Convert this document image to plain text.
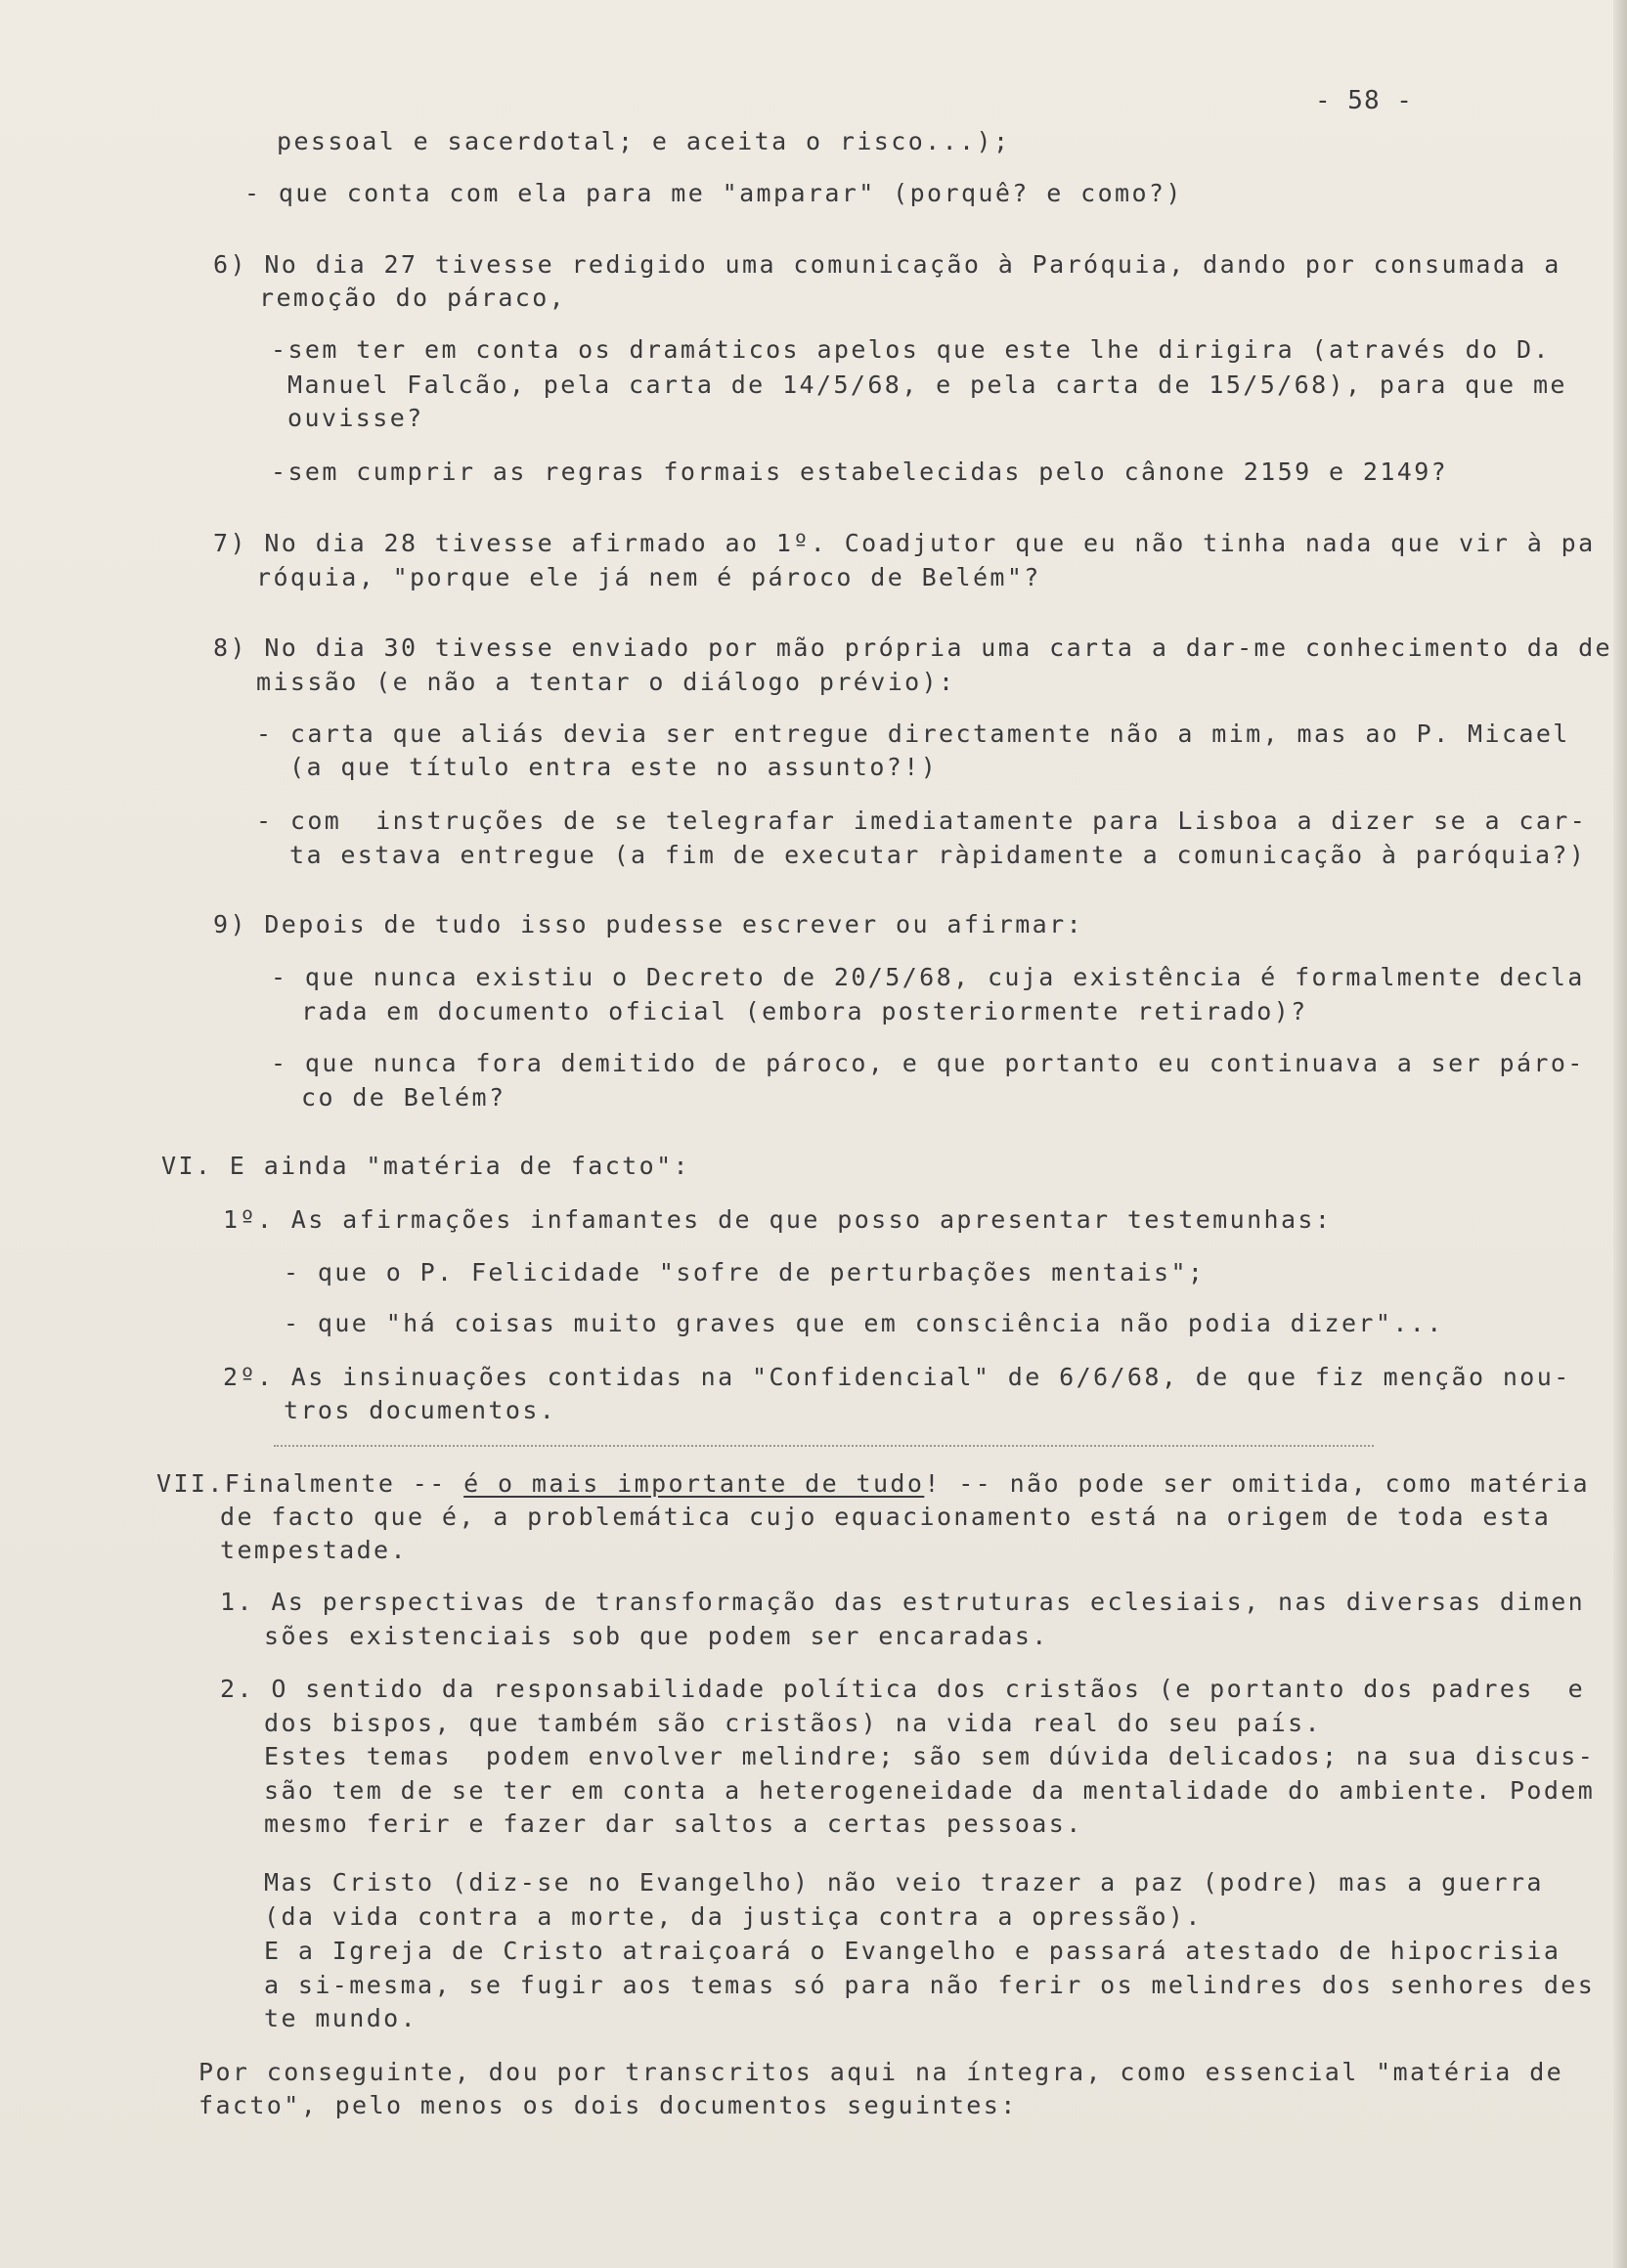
- 58 -
pessoal e sacerdotal; e aceita o risco...);
- que conta com ela para me "amparar" (porquê? e como?)
6) No dia 27 tivesse redigido uma comunicação à Paróquia, dando por consumada a
remoção do páraco,
-sem ter em conta os dramáticos apelos que este lhe dirigira (através do D.
Manuel Falcão, pela carta de 14/5/68, e pela carta de 15/5/68), para que me
ouvisse?
-sem cumprir as regras formais estabelecidas pelo cânone 2159 e 2149?
7) No dia 28 tivesse afirmado ao 1º. Coadjutor que eu não tinha nada que vir à pa
róquia, "porque ele já nem é pároco de Belém"?
8) No dia 30 tivesse enviado por mão própria uma carta a dar-me conhecimento da de
missão (e não a tentar o diálogo prévio):
- carta que aliás devia ser entregue directamente não a mim, mas ao P. Micael
(a que título entra este no assunto?!)
- com  instruções de se telegrafar imediatamente para Lisboa a dizer se a car-
ta estava entregue (a fim de executar ràpidamente a comunicação à paróquia?)
9) Depois de tudo isso pudesse escrever ou afirmar:
- que nunca existiu o Decreto de 20/5/68, cuja existência é formalmente decla
rada em documento oficial (embora posteriormente retirado)?
- que nunca fora demitido de pároco, e que portanto eu continuava a ser páro-
co de Belém?
VI. E ainda "matéria de facto":
1º. As afirmações infamantes de que posso apresentar testemunhas:
- que o P. Felicidade "sofre de perturbações mentais";
- que "há coisas muito graves que em consciência não podia dizer"...
2º. As insinuações contidas na "Confidencial" de 6/6/68, de que fiz menção nou-
tros documentos.
VII.Finalmente -- é o mais importante de tudo! -- não pode ser omitida, como matéria
de facto que é, a problemática cujo equacionamento está na origem de toda esta
tempestade.
1. As perspectivas de transformação das estruturas eclesiais, nas diversas dimen
sões existenciais sob que podem ser encaradas.
2. O sentido da responsabilidade política dos cristãos (e portanto dos padres  e
dos bispos, que também são cristãos) na vida real do seu país.
Estes temas  podem envolver melindre; são sem dúvida delicados; na sua discus-
são tem de se ter em conta a heterogeneidade da mentalidade do ambiente. Podem
mesmo ferir e fazer dar saltos a certas pessoas.
Mas Cristo (diz-se no Evangelho) não veio trazer a paz (podre) mas a guerra
(da vida contra a morte, da justiça contra a opressão).
E a Igreja de Cristo atraiçoará o Evangelho e passará atestado de hipocrisia
a si-mesma, se fugir aos temas só para não ferir os melindres dos senhores des
te mundo.
Por conseguinte, dou por transcritos aqui na íntegra, como essencial "matéria de
facto", pelo menos os dois documentos seguintes:
